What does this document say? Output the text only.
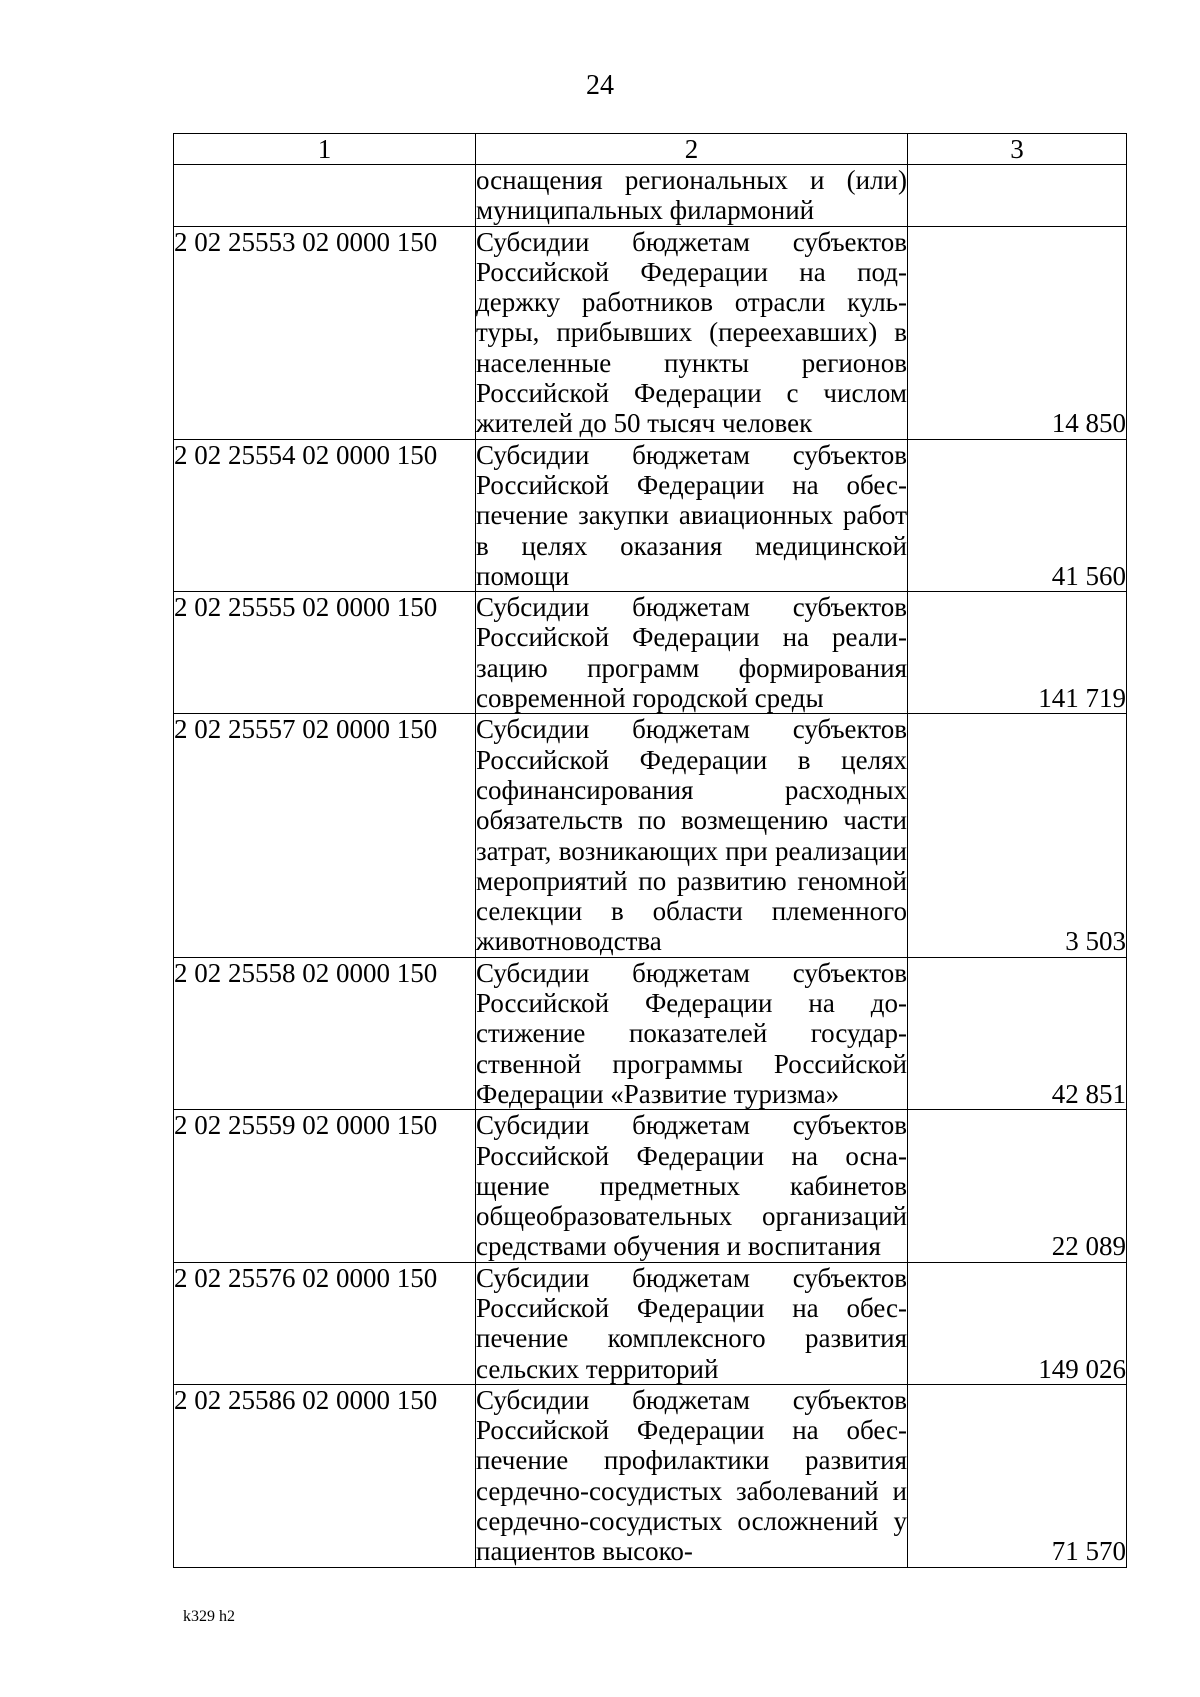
24
1	2	3
	оснащения региональных и (или) муниципальных филармоний	
2 02 25553 02 0000 150	Субсидии бюджетам субъектов Российской Федерации на поддержку работников отрасли культуры, прибывших (переехавших) в населенные пункты регионов Российской Федерации с числом жителей до 50 тысяч человек	14 850
2 02 25554 02 0000 150	Субсидии бюджетам субъектов Российской Федерации на обеспечение закупки авиационных работ в целях оказания медицинской помощи	41 560
2 02 25555 02 0000 150	Субсидии бюджетам субъектов Российской Федерации на реализацию программ формирования современной городской среды	141 719
2 02 25557 02 0000 150	Субсидии бюджетам субъектов Российской Федерации в целях софинансирования расходных обязательств по возмещению части затрат, возникающих при реализации мероприятий по развитию геномной селекции в области племенного животноводства	3 503
2 02 25558 02 0000 150	Субсидии бюджетам субъектов Российской Федерации на достижение показателей государственной программы Российской Федерации «Развитие туризма»	42 851
2 02 25559 02 0000 150	Субсидии бюджетам субъектов Российской Федерации на оснащение предметных кабинетов общеобразовательных организаций средствами обучения и воспитания	22 089
2 02 25576 02 0000 150	Субсидии бюджетам субъектов Российской Федерации на обеспечение комплексного развития сельских территорий	149 026
2 02 25586 02 0000 150	Субсидии бюджетам субъектов Российской Федерации на обеспечение профилактики развития сердечно-сосудистых заболеваний и сердечно-сосудистых осложнений у пациентов высоко-	71 570
k329 h2
